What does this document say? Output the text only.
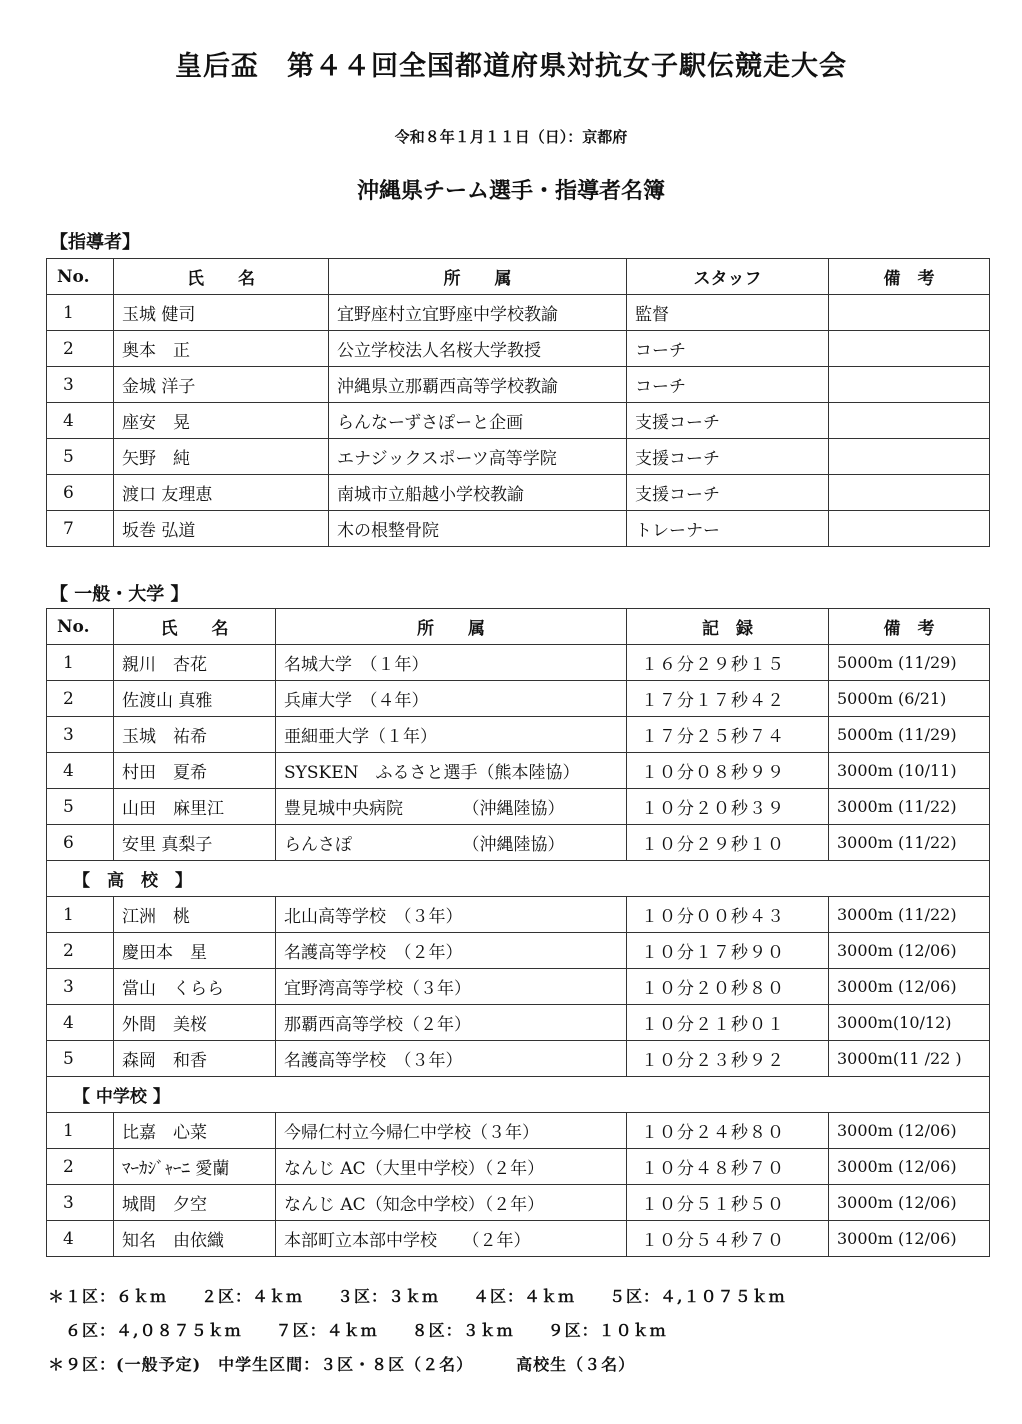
皇后盃　第４４回全国都道府県対抗女子駅伝競走大会
令和８年１月１１日（日）：京都府
沖縄県チーム選手・指導者名簿
【指導者】
No.	氏　　名	所　　属	スタッフ	備　考
1	玉城 健司	宜野座村立宜野座中学校教諭	監督	
2	奥本　正	公立学校法人名桜大学教授	コーチ	
3	金城 洋子	沖縄県立那覇西高等学校教諭	コーチ	
4	座安　晃	らんなーずさぽーと企画	支援コーチ	
5	矢野　純	エナジックスポーツ高等学院	支援コーチ	
6	渡口 友理恵	南城市立船越小学校教諭	支援コーチ	
7	坂巻 弘道	木の根整骨院	トレーナー	
【 一般・大学 】
No.	氏　　名	所　　属	記　録	備　考
1	親川　杏花	名城大学　（１年）	１６分２９秒１５	5000m (11/29)
2	佐渡山 真雅	兵庫大学　（４年）	１７分１７秒４２	5000m (6/21)
3	玉城　祐希	亜細亜大学（１年）	１７分２５秒７４	5000m (11/29)
4	村田　夏希	SYSKEN　ふるさと選手（熊本陸協）	１０分０８秒９９	3000m (10/11)
5	山田　麻里江	豊見城中央病院　　　　（沖縄陸協）	１０分２０秒３９	3000m (11/22)
6	安里 真梨子	らんさぽ　　　　　　　（沖縄陸協）	１０分２９秒１０	3000m (11/22)
【　高　校　】				
1	江洲　桃	北山高等学校　（３年）	１０分００秒４３	3000m (11/22)
2	慶田本　星	名護高等学校　（２年）	１０分１７秒９０	3000m (12/06)
3	當山　くらら	宜野湾高等学校（３年）	１０分２０秒８０	3000m (12/06)
4	外間　美桜	那覇西高等学校（２年）	１０分２１秒０１	3000m(10/12)
5	森岡　和香	名護高等学校　（３年）	１０分２３秒９２	3000m(11 /22 )
【 中学校 】				
1	比嘉　心菜	今帰仁村立今帰仁中学校（３年）	１０分２４秒８０	3000m (12/06)
2	ﾏｰｶｼﾞｬｰﾆ 愛蘭	なんじ AC（大里中学校）（２年）	１０分４８秒７０	3000m (12/06)
3	城間　夕空	なんじ AC（知念中学校）（２年）	１０分５１秒５０	3000m (12/06)
4	知名　由依織	本部町立本部中学校　　（２年）	１０分５４秒７０	3000m (12/06)
＊１区：６ｋｍ　　２区：４ｋｍ　　３区：３ｋｍ　　４区：４ｋｍ　　５区：４,１０７５ｋｍ
　６区：４,０８７５ｋｍ　　７区：４ｋｍ　　８区：３ｋｍ　　９区：１０ｋｍ
＊９区：(一般予定)　中学生区間：３区・８区（２名）　　　高校生（３名）
